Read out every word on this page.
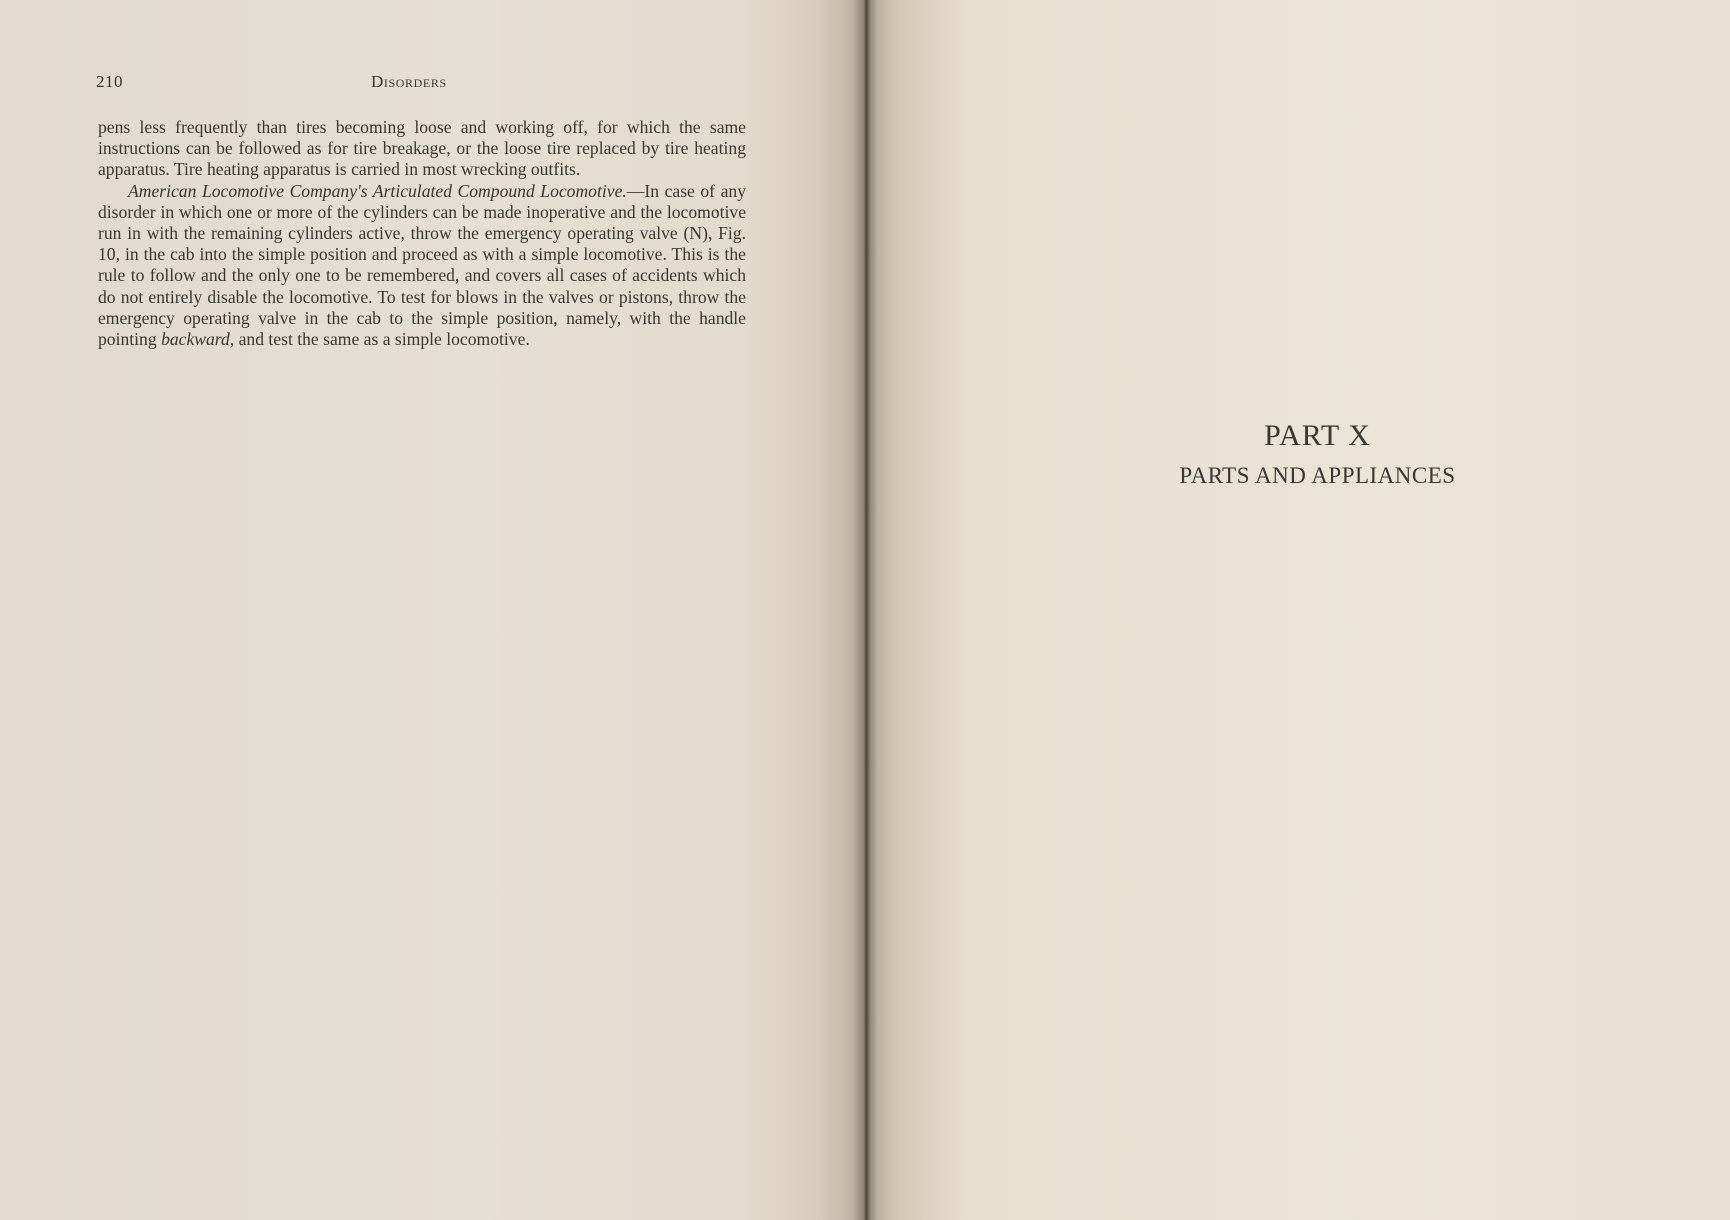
210	Disorders

pens less frequently than tires becoming loose and working off, for which the same instructions can be followed as for tire breakage, or the loose tire replaced by tire heating apparatus. Tire heating apparatus is carried in most wrecking outfits.

American Locomotive Company's Articulated Compound Locomotive.—In case of any disorder in which one or more of the cylinders can be made inoperative and the locomotive run in with the remaining cylinders active, throw the emergency operating valve (N), Fig. 10, in the cab into the simple position and proceed as with a simple locomotive. This is the rule to follow and the only one to be remembered, and covers all cases of accidents which do not entirely disable the locomotive. To test for blows in the valves or pistons, throw the emergency operating valve in the cab to the simple position, namely, with the handle pointing backward, and test the same as a simple locomotive.

PART X
PARTS AND APPLIANCES
